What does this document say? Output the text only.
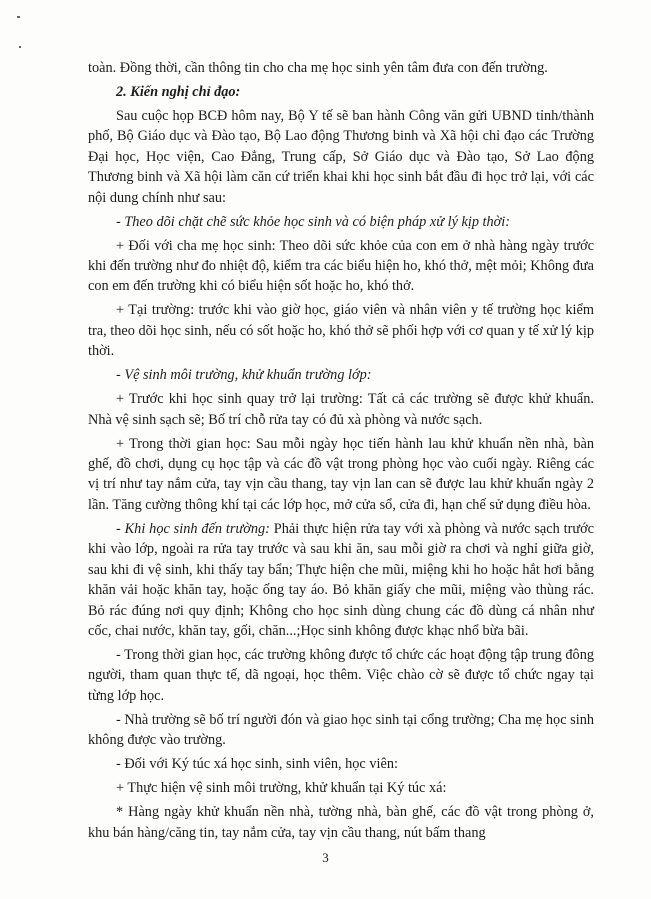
toàn. Đồng thời, cần thông tin cho cha mẹ học sinh yên tâm đưa con đến trường.

2. Kiến nghị chỉ đạo:

Sau cuộc họp BCĐ hôm nay, Bộ Y tế sẽ ban hành Công văn gửi UBND tỉnh/thành phố, Bộ Giáo dục và Đào tạo, Bộ Lao động Thương binh và Xã hội chỉ đạo các Trường Đại học, Học viện, Cao Đẳng, Trung cấp, Sở Giáo dục và Đào tạo, Sở Lao động Thương binh và Xã hội làm căn cứ triển khai khi học sinh bắt đầu đi học trở lại, với các nội dung chính như sau:

- Theo dõi chặt chẽ sức khỏe học sinh và có biện pháp xử lý kịp thời:

+ Đối với cha mẹ học sinh: Theo dõi sức khỏe của con em ở nhà hàng ngày trước khi đến trường như đo nhiệt độ, kiểm tra các biểu hiện ho, khó thở, mệt mỏi; Không đưa con em đến trường khi có biểu hiện sốt hoặc ho, khó thở.

+ Tại trường: trước khi vào giờ học, giáo viên và nhân viên y tế trường học kiểm tra, theo dõi học sinh, nếu có sốt hoặc ho, khó thở sẽ phối hợp với cơ quan y tế xử lý kịp thời.

- Vệ sinh môi trường, khử khuẩn trường lớp:

+ Trước khi học sinh quay trở lại trường: Tất cả các trường sẽ được khử khuẩn. Nhà vệ sinh sạch sẽ; Bố trí chỗ rửa tay có đủ xà phòng và nước sạch.

+ Trong thời gian học: Sau mỗi ngày học tiến hành lau khử khuẩn nền nhà, bàn ghế, đồ chơi, dụng cụ học tập và các đồ vật trong phòng học vào cuối ngày. Riêng các vị trí như tay nắm cửa, tay vịn cầu thang, tay vịn lan can sẽ được lau khử khuẩn ngày 2 lần. Tăng cường thông khí tại các lớp học, mở cửa sổ, cửa đi, hạn chế sử dụng điều hòa.

- Khi học sinh đến trường: Phải thực hiện rửa tay với xà phòng và nước sạch trước khi vào lớp, ngoài ra rửa tay trước và sau khi ăn, sau mỗi giờ ra chơi và nghỉ giữa giờ, sau khi đi vệ sinh, khi thấy tay bẩn; Thực hiện che mũi, miệng khi ho hoặc hắt hơi bằng khăn vải hoặc khăn tay, hoặc ống tay áo. Bỏ khăn giấy che mũi, miệng vào thùng rác. Bỏ rác đúng nơi quy định; Không cho học sinh dùng chung các đồ dùng cá nhân như cốc, chai nước, khăn tay, gối, chăn...;Học sinh không được khạc nhổ bừa bãi.

- Trong thời gian học, các trường không được tổ chức các hoạt động tập trung đông người, tham quan thực tế, dã ngoại, học thêm. Việc chào cờ sẽ được tổ chức ngay tại từng lớp học.

- Nhà trường sẽ bố trí người đón và giao học sinh tại cổng trường; Cha mẹ học sinh không được vào trường.

- Đối với Ký túc xá học sinh, sinh viên, học viên:

+ Thực hiện vệ sinh môi trường, khử khuẩn tại Ký túc xá:

* Hàng ngày khử khuẩn nền nhà, tường nhà, bàn ghế, các đồ vật trong phòng ở, khu bán hàng/căng tin, tay nắm cửa, tay vịn cầu thang, nút bấm thang

3
